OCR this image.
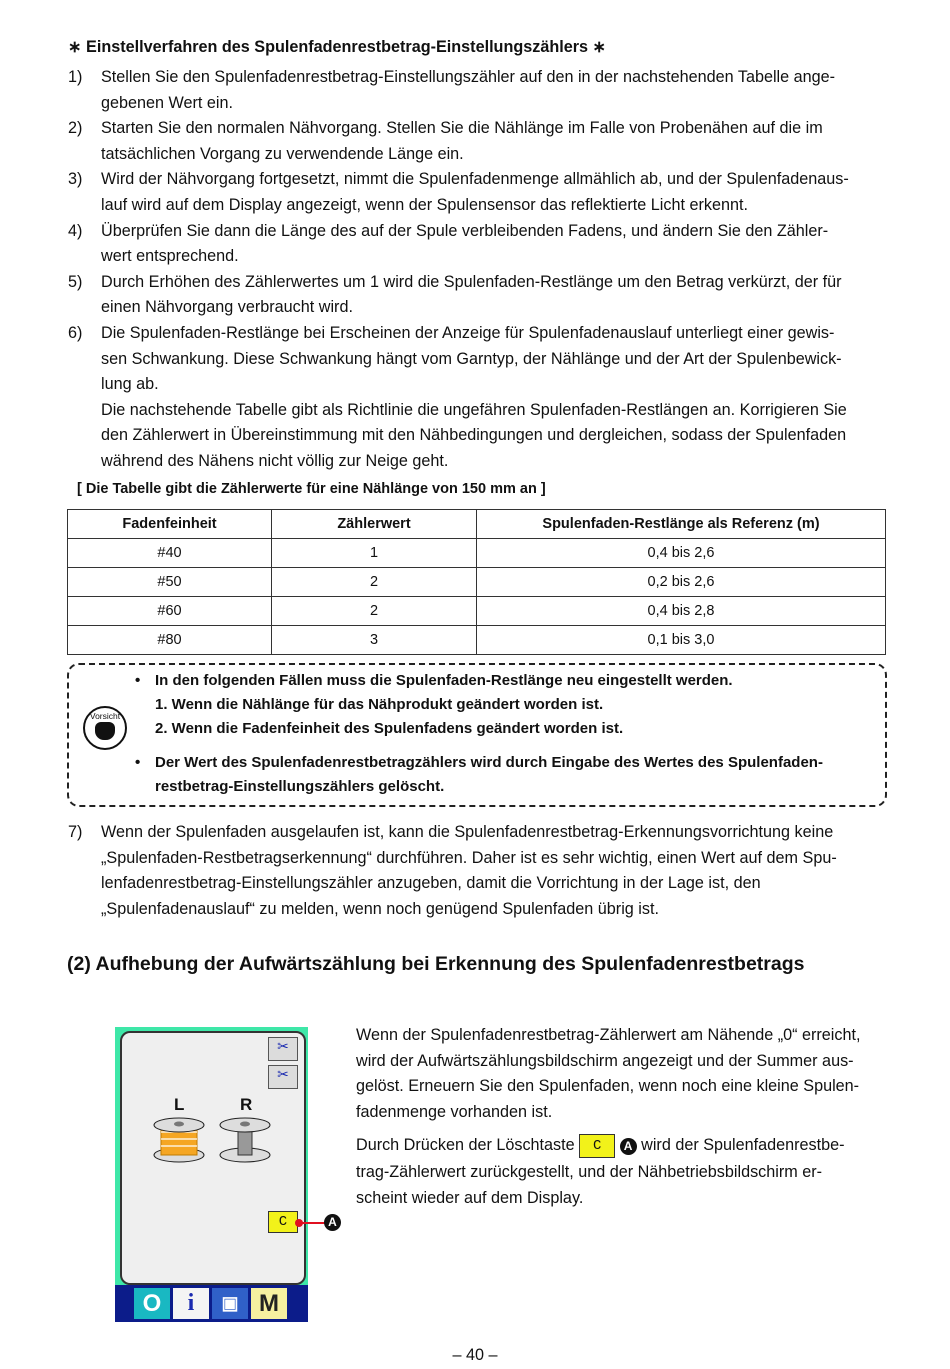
∗ Einstellverfahren des Spulenfadenrestbetrag-Einstellungszählers ∗
1) Stellen Sie den Spulenfadenrestbetrag-Einstellungszähler auf den in der nachstehenden Tabelle ange-
gebenen Wert ein.
2) Starten Sie den normalen Nähvorgang. Stellen Sie die Nählänge im Falle von Probenähen auf die im
tatsächlichen Vorgang zu verwendende Länge ein.
3) Wird der Nähvorgang fortgesetzt, nimmt die Spulenfadenmenge allmählich ab, und der Spulenfadenaus-
lauf wird auf dem Display angezeigt, wenn der Spulensensor das reflektierte Licht erkennt.
4) Überprüfen Sie dann die Länge des auf der Spule verbleibenden Fadens, und ändern Sie den Zähler-
wert entsprechend.
5) Durch Erhöhen des Zählerwertes um 1 wird die Spulenfaden-Restlänge um den Betrag verkürzt, der für
einen Nähvorgang verbraucht wird.
6) Die Spulenfaden-Restlänge bei Erscheinen der Anzeige für Spulenfadenauslauf unterliegt einer gewis-
sen Schwankung. Diese Schwankung hängt vom Garntyp, der Nählänge und der Art der Spulenbewick-
lung ab.
Die nachstehende Tabelle gibt als Richtlinie die ungefähren Spulenfaden-Restlängen an. Korrigieren Sie
den Zählerwert in Übereinstimmung mit den Nähbedingungen und dergleichen, sodass der Spulenfaden
während des Nähens nicht völlig zur Neige geht.
[ Die Tabelle gibt die Zählerwerte für eine Nählänge von 150 mm an ]
Fadenfeinheit	Zählerwert	Spulenfaden-Restlänge als Referenz (m)
#40	1	0,4 bis 2,6
#50	2	0,2 bis 2,6
#60	2	0,4 bis 2,8
#80	3	0,1 bis 3,0
Vorsicht
• In den folgenden Fällen muss die Spulenfaden-Restlänge neu eingestellt werden.
1. Wenn die Nählänge für das Nähprodukt geändert worden ist.
2. Wenn die Fadenfeinheit des Spulenfadens geändert worden ist.
• Der Wert des Spulenfadenrestbetragzählers wird durch Eingabe des Wertes des Spulenfaden-
restbetrag-Einstellungszählers gelöscht.
7) Wenn der Spulenfaden ausgelaufen ist, kann die Spulenfadenrestbetrag-Erkennungsvorrichtung keine
„Spulenfaden-Restbetragserkennung“ durchführen. Daher ist es sehr wichtig, einen Wert auf dem Spu-
lenfadenrestbetrag-Einstellungszähler anzugeben, damit die Vorrichtung in der Lage ist, den
„Spulenfadenauslauf“ zu melden, wenn noch genügend Spulenfaden übrig ist.
(2) Aufhebung der Aufwärtszählung bei Erkennung des Spulenfadenrestbetrags
✂
✂
L	R
C	A
O	i	▣ M
Wenn der Spulenfadenrestbetrag-Zählerwert am Nähende „0“ erreicht,
wird der Aufwärtszählungsbildschirm angezeigt und der Summer aus-
gelöst. Erneuern Sie den Spulenfaden, wenn noch eine kleine Spulen-
fadenmenge vorhanden ist.
Durch Drücken der Löschtaste C A wird der Spulenfadenrestbe-
trag-Zählerwert zurückgestellt, und der Nähbetriebsbildschirm er-
scheint wieder auf dem Display.
– 40 –
